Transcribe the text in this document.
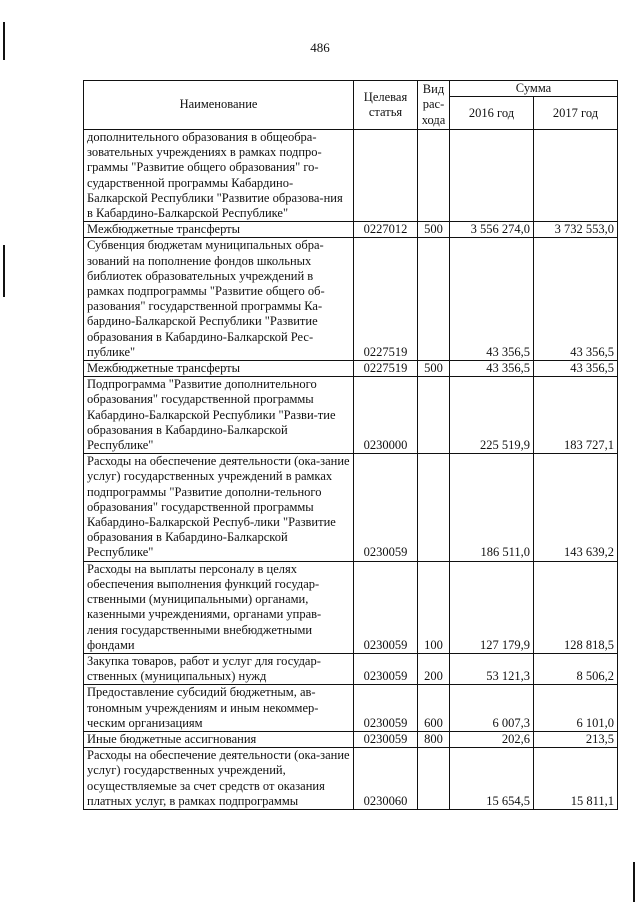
486
Наименование	Целевая статья	Вид рас-хода	Сумма	
			2016 год	2017 год
дополнительного образования в общеобра-зовательных учреждениях в рамках подпро-граммы "Развитие общего образования" го-сударственной программы Кабардино-Балкарской Республики "Развитие образова-ния в Кабардино-Балкарской Республике"				
Межбюджетные трансферты	0227012	500	3 556 274,0	3 732 553,0
Субвенция бюджетам муниципальных обра-зований на пополнение фондов школьных библиотек образовательных учреждений в рамках подпрограммы "Развитие общего об-разования" государственной программы Ка-бардино-Балкарской Республики "Развитие образования в Кабардино-Балкарской Рес-публике"	0227519		43 356,5	43 356,5
Межбюджетные трансферты	0227519	500	43 356,5	43 356,5
Подпрограмма "Развитие дополнительного образования" государственной программы Кабардино-Балкарской Республики "Разви-тие образования в Кабардино-Балкарской Республике"	0230000		225 519,9	183 727,1
Расходы на обеспечение деятельности (ока-зание услуг) государственных учреждений в рамках подпрограммы "Развитие дополни-тельного образования" государственной программы Кабардино-Балкарской Респуб-лики "Развитие образования в Кабардино-Балкарской Республике"	0230059		186 511,0	143 639,2
Расходы на выплаты персоналу в целях обеспечения выполнения функций государ-ственными (муниципальными) органами, казенными учреждениями, органами управ-ления государственными внебюджетными фондами	0230059	100	127 179,9	128 818,5
Закупка товаров, работ и услуг для государ-ственных (муниципальных) нужд	0230059	200	53 121,3	8 506,2
Предоставление субсидий бюджетным, ав-тономным учреждениям и иным некоммер-ческим организациям	0230059	600	6 007,3	6 101,0
Иные бюджетные ассигнования	0230059	800	202,6	213,5
Расходы на обеспечение деятельности (ока-зание услуг) государственных учреждений, осуществляемые за счет средств от оказания платных услуг, в рамках подпрограммы	0230060		15 654,5	15 811,1
